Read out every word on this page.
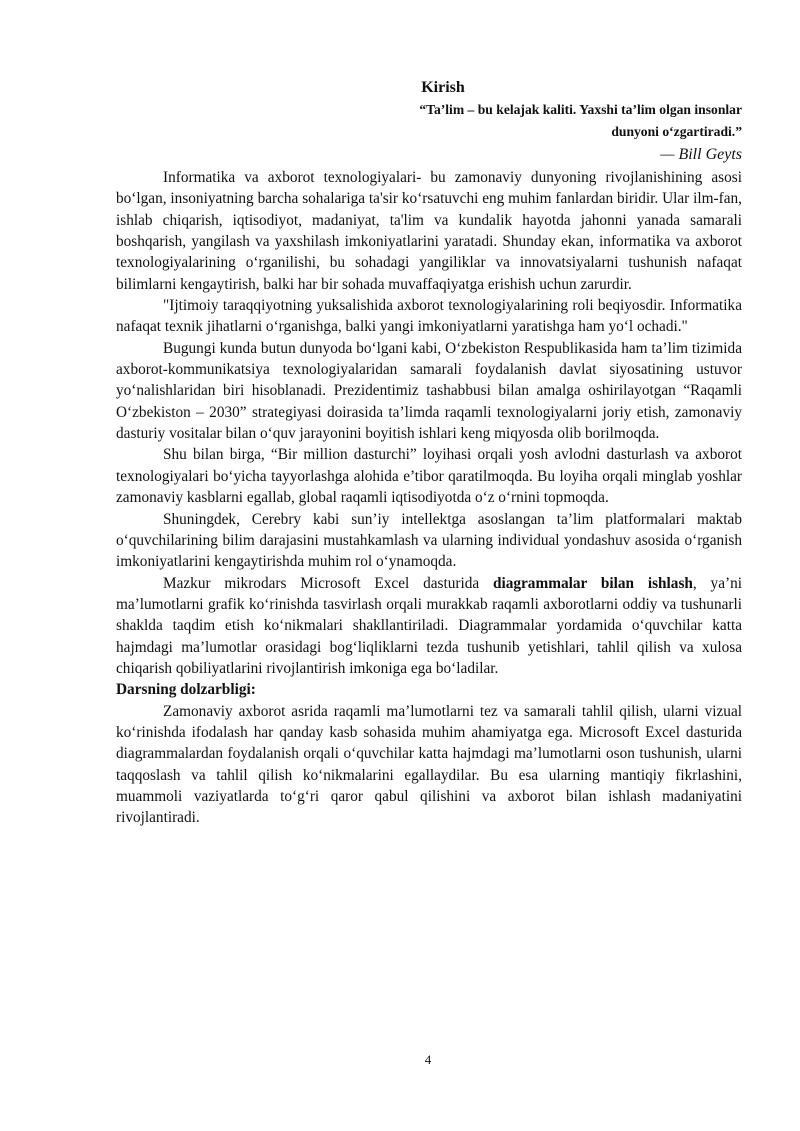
Kirish

“Ta’lim – bu kelajak kaliti. Yaxshi ta’lim olgan insonlar

dunyoni o‘zgartiradi.”

— Bill Geyts

Informatika va axborot texnologiyalari- bu zamonaviy dunyoning rivojlanishining asosi bo‘lgan, insoniyatning barcha sohalariga ta'sir ko‘rsatuvchi eng muhim fanlardan biridir. Ular ilm-fan, ishlab chiqarish, iqtisodiyot, madaniyat, ta'lim va kundalik hayotda jahonni yanada samarali boshqarish, yangilash va yaxshilash imkoniyatlarini yaratadi. Shunday ekan, informatika va axborot texnologiyalarining o‘rganilishi, bu sohadagi yangiliklar va innovatsiyalarni tushunish nafaqat bilimlarni kengaytirish, balki har bir sohada muvaffaqiyatga erishish uchun zarurdir.

"Ijtimoiy taraqqiyotning yuksalishida axborot texnologiyalarining roli beqiyosdir. Informatika nafaqat texnik jihatlarni o‘rganishga, balki yangi imkoniyatlarni yaratishga ham yo‘l ochadi."

Bugungi kunda butun dunyoda bo‘lgani kabi, O‘zbekiston Respublikasida ham ta’lim tizimida axborot-kommunikatsiya texnologiyalaridan samarali foydalanish davlat siyosatining ustuvor yo‘nalishlaridan biri hisoblanadi. Prezidentimiz tashabbusi bilan amalga oshirilayotgan “Raqamli O‘zbekiston – 2030” strategiyasi doirasida ta’limda raqamli texnologiyalarni joriy etish, zamonaviy dasturiy vositalar bilan o‘quv jarayonini boyitish ishlari keng miqyosda olib borilmoqda.

Shu bilan birga, “Bir million dasturchi” loyihasi orqali yosh avlodni dasturlash va axborot texnologiyalari bo‘yicha tayyorlashga alohida e’tibor qaratilmoqda. Bu loyiha orqali minglab yoshlar zamonaviy kasblarni egallab, global raqamli iqtisodiyotda o‘z o‘rnini topmoqda.

Shuningdek, Cerebry kabi sun’iy intellektga asoslangan ta’lim platformalari maktab o‘quvchilarining bilim darajasini mustahkamlash va ularning individual yondashuv asosida o‘rganish imkoniyatlarini kengaytirishda muhim rol o‘ynamoqda.

Mazkur mikrodars Microsoft Excel dasturida diagrammalar bilan ishlash, ya’ni ma’lumotlarni grafik ko‘rinishda tasvirlash orqali murakkab raqamli axborotlarni oddiy va tushunarli shaklda taqdim etish ko‘nikmalari shakllantiriladi. Diagrammalar yordamida o‘quvchilar katta hajmdagi ma’lumotlar orasidagi bog‘liqliklarni tezda tushunib yetishlari, tahlil qilish va xulosa chiqarish qobiliyatlarini rivojlantirish imkoniga ega bo‘ladilar.

Darsning dolzarbligi:

Zamonaviy axborot asrida raqamli ma’lumotlarni tez va samarali tahlil qilish, ularni vizual ko‘rinishda ifodalash har qanday kasb sohasida muhim ahamiyatga ega. Microsoft Excel dasturida diagrammalardan foydalanish orqali o‘quvchilar katta hajmdagi ma’lumotlarni oson tushunish, ularni taqqoslash va tahlil qilish ko‘nikmalarini egallaydilar. Bu esa ularning mantiqiy fikrlashini, muammoli vaziyatlarda to‘g‘ri qaror qabul qilishini va axborot bilan ishlash madaniyatini rivojlantiradi.

4
